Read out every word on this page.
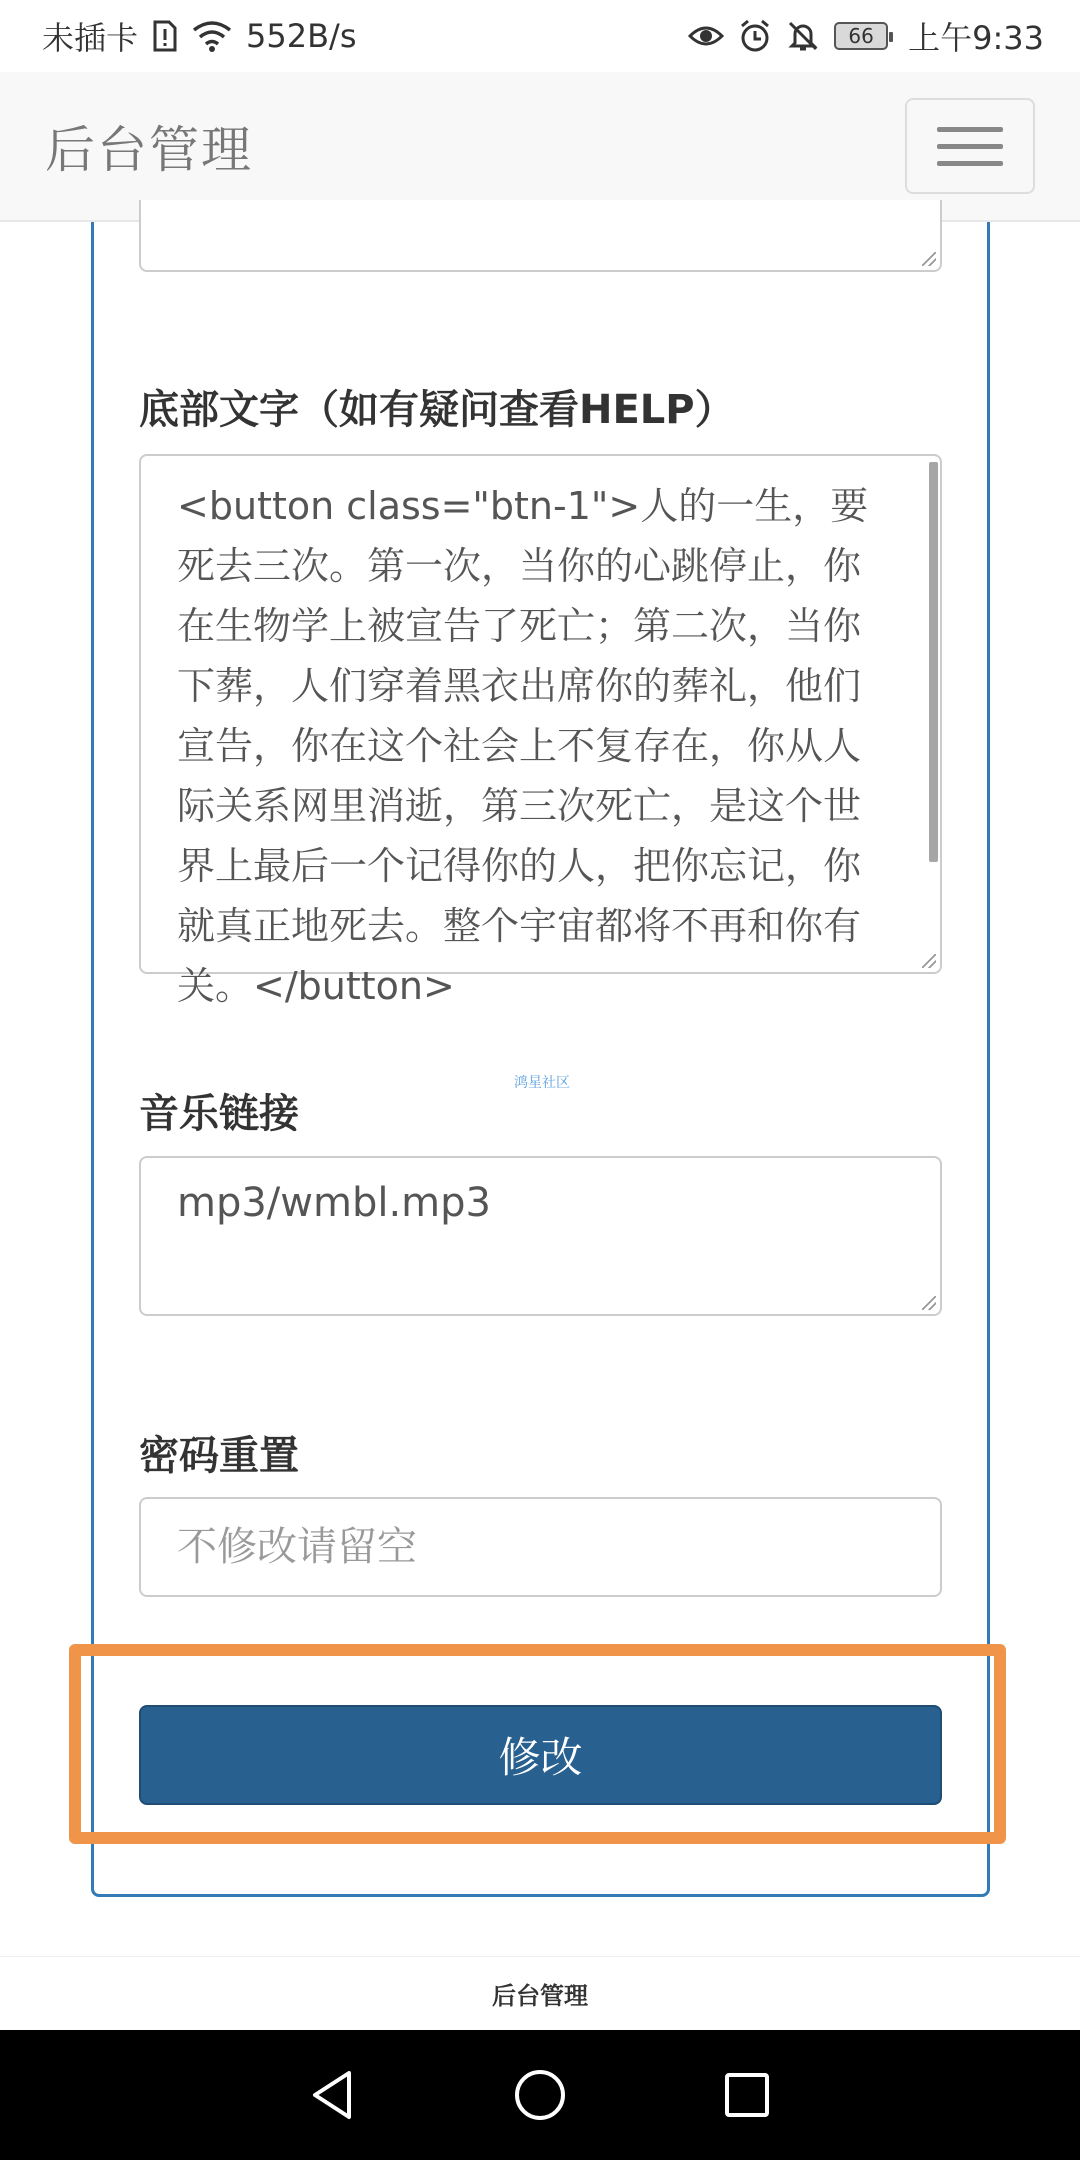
未插卡	552B/s	66 上午9:33
后台管理
底部文字（如有疑问查看HELP）
<button class="btn-1">人的一生，要死去三次。第一次，当你的心跳停止，你在生物学上被宣告了死亡；第二次，当你下葬，人们穿着黑衣出席你的葬礼，他们宣告，你在这个社会上不复存在，你从人际关系网里消逝，第三次死亡，是这个世界上最后一个记得你的人，把你忘记，你就真正地死去。整个宇宙都将不再和你有关。</button>
鸿星社区
音乐链接
mp3/wmbl.mp3
密码重置
修改
后台管理
